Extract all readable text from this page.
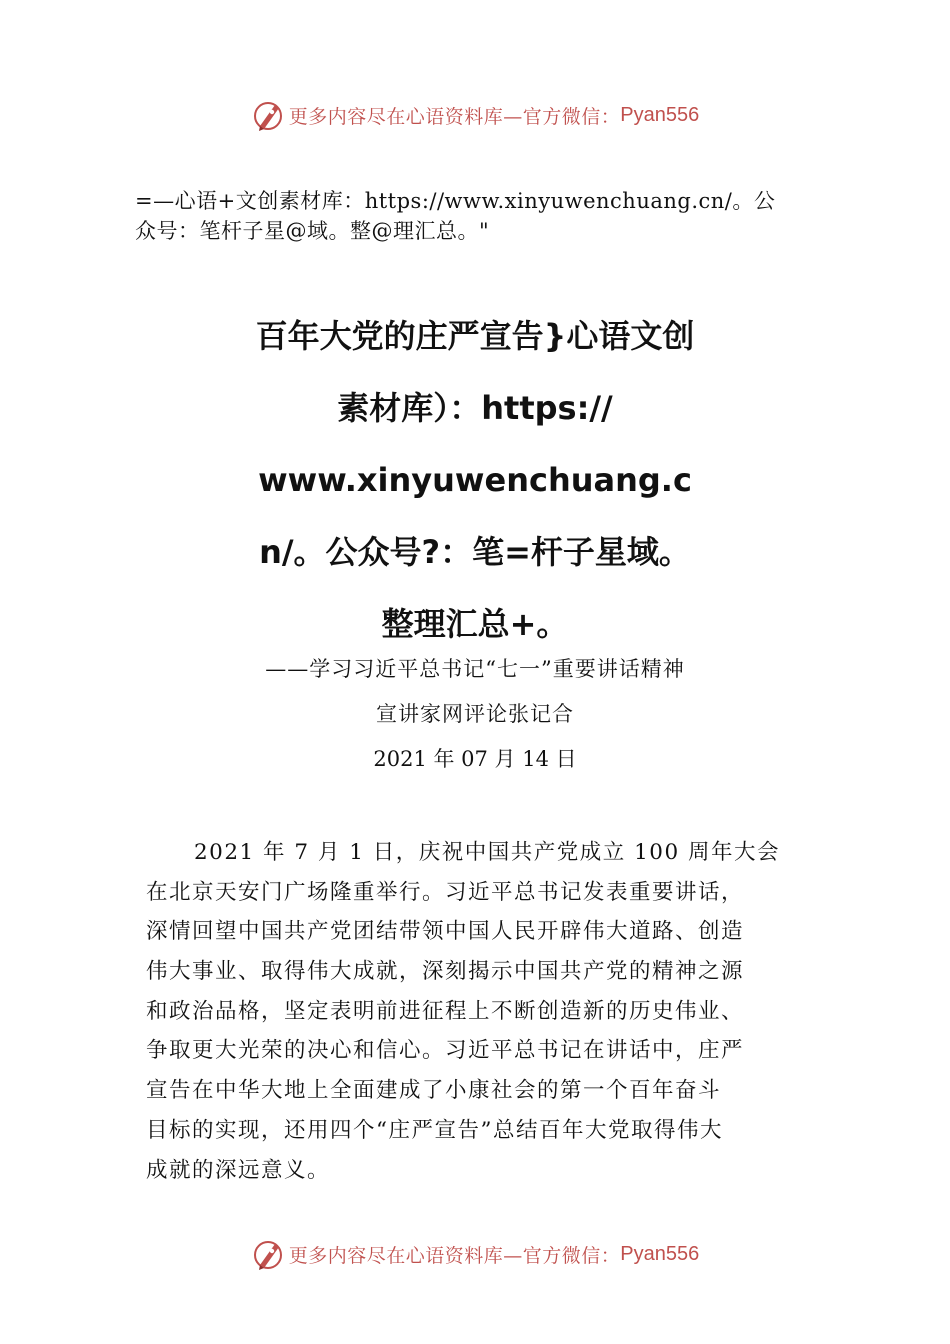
更多内容尽在心语资料库—官方微信： Pyan556
=—心语+文创素材库：https://www.xinyuwenchuang.cn/。公
众号：笔杆子星@域。整@理汇总。"
百年大党的庄严宣告}心语文创
素材库）：https://
www.xinyuwenchuang.c
n/。公众号?：笔=杆子星域。
整理汇总+。
——学习习近平总书记“七一”重要讲话精神
宣讲家网评论张记合
2021 年 07 月 14 日
2021 年 7 月 1 日，庆祝中国共产党成立 100 周年大会
在北京天安门广场隆重举行。习近平总书记发表重要讲话，
深情回望中国共产党团结带领中国人民开辟伟大道路、创造
伟大事业、取得伟大成就，深刻揭示中国共产党的精神之源
和政治品格，坚定表明前进征程上不断创造新的历史伟业、
争取更大光荣的决心和信心。习近平总书记在讲话中，庄严
宣告在中华大地上全面建成了小康社会的第一个百年奋斗
目标的实现，还用四个“庄严宣告”总结百年大党取得伟大
成就的深远意义。
更多内容尽在心语资料库—官方微信： Pyan556
